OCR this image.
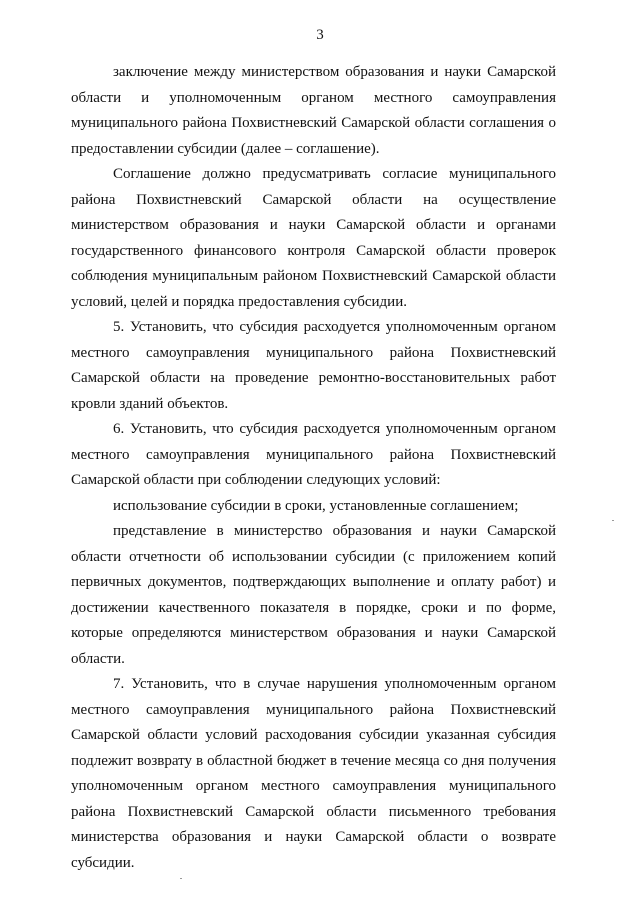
3

заключение между министерством образования и науки Самарской области и уполномоченным органом местного самоуправления муниципального района Похвистневский Самарской области соглашения о предоставлении субсидии (далее – соглашение).

Соглашение должно предусматривать согласие муниципального района Похвистневский Самарской области на осуществление министерством образования и науки Самарской области и органами государственного финансового контроля Самарской области проверок соблюдения муниципальным районом Похвистневский Самарской области условий, целей и порядка предоставления субсидии.

5. Установить, что субсидия расходуется уполномоченным органом местного самоуправления муниципального района Похвистневский Самарской области на проведение ремонтно-восстановительных работ кровли зданий объектов.

6. Установить, что субсидия расходуется уполномоченным органом местного самоуправления муниципального района Похвистневский Самарской области при соблюдении следующих условий:

использование субсидии в сроки, установленные соглашением;

представление в министерство образования и науки Самарской области отчетности об использовании субсидии (с приложением копий первичных документов, подтверждающих выполнение и оплату работ) и достижении качественного показателя в порядке, сроки и по форме, которые определяются министерством образования и науки Самарской области.

7. Установить, что в случае нарушения уполномоченным органом местного самоуправления муниципального района Похвистневский Самарской области условий расходования субсидии указанная субсидия подлежит возврату в областной бюджет в течение месяца со дня получения уполномоченным органом местного самоуправления муниципального района Похвистневский Самарской области письменного требования министерства образования и науки Самарской области о возврате субсидии.
